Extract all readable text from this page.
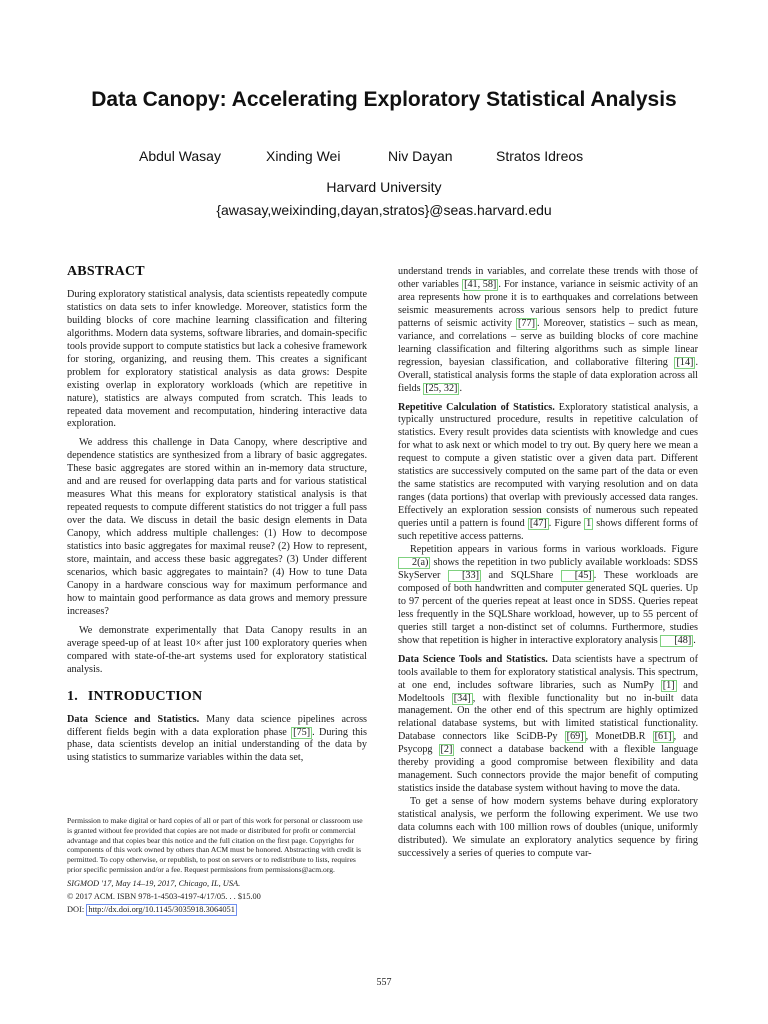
Data Canopy: Accelerating Exploratory Statistical Analysis
Abdul Wasay	Xinding Wei	Niv Dayan	Stratos Idreos
Harvard University
{awasay,weixinding,dayan,stratos}@seas.harvard.edu
ABSTRACT

During exploratory statistical analysis, data scientists repeatedly compute statistics on data sets to infer knowledge. Moreover, statistics form the building blocks of core machine learning classification and filtering algorithms. Modern data systems, software libraries, and domain-specific tools provide support to compute statistics but lack a cohesive framework for storing, organizing, and reusing them. This creates a significant problem for exploratory statistical analysis as data grows: Despite existing overlap in exploratory workloads (which are repetitive in nature), statistics are always computed from scratch. This leads to repeated data movement and recomputation, hindering interactive data exploration.

We address this challenge in Data Canopy, where descriptive and dependence statistics are synthesized from a library of basic aggregates. These basic aggregates are stored within an in-memory data structure, and and are reused for overlapping data parts and for various statistical measures What this means for exploratory statistical analysis is that repeated requests to compute different statistics do not trigger a full pass over the data. We discuss in detail the basic design elements in Data Canopy, which address multiple challenges: (1) How to decompose statistics into basic aggregates for maximal reuse? (2) How to represent, store, maintain, and access these basic aggregates? (3) Under different scenarios, which basic aggregates to maintain? (4) How to tune Data Canopy in a hardware conscious way for maximum performance and how to maintain good performance as data grows and memory pressure increases?

We demonstrate experimentally that Data Canopy results in an average speed-up of at least 10× after just 100 exploratory queries when compared with state-of-the-art systems used for exploratory statistical analysis.

1. INTRODUCTION

Data Science and Statistics. Many data science pipelines across different fields begin with a data exploration phase [75] . During this phase, data scientists develop an initial understanding of the data by using statistics to summarize variables within the data set,

Permission to make digital or hard copies of all or part of this work for personal or classroom use is granted without fee provided that copies are not made or distributed for profit or commercial advantage and that copies bear this notice and the full citation on the first page. Copyrights for components of this work owned by others than ACM must be honored. Abstracting with credit is permitted. To copy otherwise, or republish, to post on servers or to redistribute to lists, requires prior specific permission and/or a fee. Request permissions from permissions@acm.org.

SIGMOD '17, May 14–19, 2017, Chicago, IL, USA.

© 2017 ACM. ISBN 978-1-4503-4197-4/17/05. . . $15.00

DOI: http://dx.doi.org/10.1145/3035918.3064051

understand trends in variables, and correlate these trends with those of other variables [41, 58] . For instance, variance in seismic activity of an area represents how prone it is to earthquakes and correlations between seismic measurements across various sensors help to predict future patterns of seismic activity [77] . Moreover, statistics – such as mean, variance, and correlations – serve as building blocks of core machine learning classification and filtering algorithms such as simple linear regression, bayesian classification, and collaborative filtering [14] . Overall, statistical analysis forms the staple of data exploration across all fields [25, 32] .

Repetitive Calculation of Statistics. Exploratory statistical analysis, a typically unstructured procedure, results in repetitive calculation of statistics. Every result provides data scientists with knowledge and cues for what to ask next or which model to try out. By query here we mean a request to compute a given statistic over a given data part. Different statistics are successively computed on the same part of the data or even the same statistics are recomputed with varying resolution and on data ranges (data portions) that overlap with previously accessed data ranges. Effectively an exploration session consists of numerous such repeated queries until a pattern is found [47] . Figure 1 shows different forms of such repetitive access patterns.

Repetition appears in various forms in various workloads. Figure 2(a) shows the repetition in two publicly available workloads: SDSS SkyServer [33] and SQLShare [45] . These workloads are composed of both handwritten and computer generated SQL queries. Up to 97 percent of the queries repeat at least once in SDSS. Queries repeat less frequently in the SQLShare workload, however, up to 55 percent of queries still target a non-distinct set of columns. Furthermore, studies show that repetition is higher in interactive exploratory analysis [48] .

Data Science Tools and Statistics. Data scientists have a spectrum of tools available to them for exploratory statistical analysis. This spectrum, at one end, includes software libraries, such as NumPy [1] and Modeltools [34] , with flexible functionality but no in-built data management. On the other end of this spectrum are highly optimized relational database systems, but with limited statistical functionality. Database connectors like SciDB-Py [69] , MonetDB.R [61] , and Psycopg [2] connect a database backend with a flexible language thereby providing a good compromise between flexibility and data management. Such connectors provide the major benefit of computing statistics inside the database system without having to move the data.

To get a sense of how modern systems behave during exploratory statistical analysis, we perform the following experiment. We use two data columns each with 100 million rows of doubles (unique, uniformly distributed). We simulate an exploratory analytics sequence by firing successively a series of queries to compute var-

557
